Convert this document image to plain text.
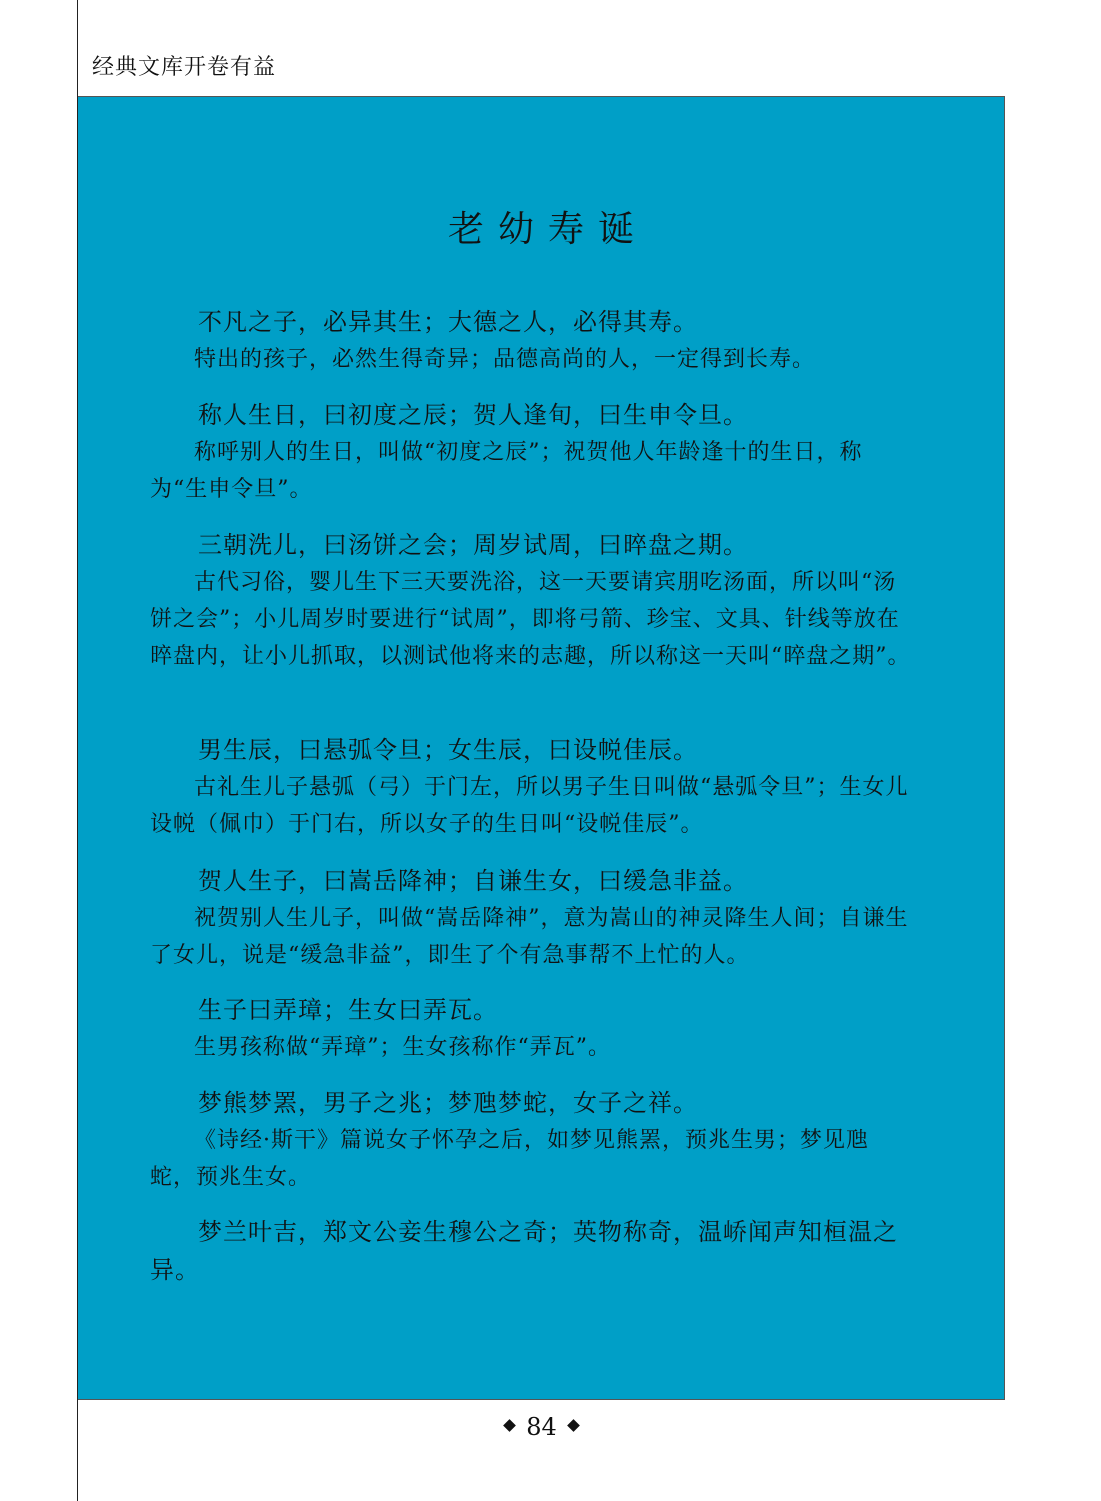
经典文库开卷有益
老幼寿诞

不凡之子，必异其生；大德之人，必得其寿。

特出的孩子，必然生得奇异；品德高尚的人，一定得到长寿。

称人生日，曰初度之辰；贺人逢旬，曰生申令旦。

称呼别人的生日，叫做“初度之辰”；祝贺他人年龄逢十的生日，称为“生申令旦”。

三朝洗儿，曰汤饼之会；周岁试周，曰晬盘之期。

古代习俗，婴儿生下三天要洗浴，这一天要请宾朋吃汤面，所以叫“汤饼之会”；小儿周岁时要进行“试周”，即将弓箭、珍宝、文具、针线等放在晬盘内，让小儿抓取，以测试他将来的志趣，所以称这一天叫“晬盘之期”。

男生辰，曰悬弧令旦；女生辰，曰设帨佳辰。

古礼生儿子悬弧（弓）于门左，所以男子生日叫做“悬弧令旦”；生女儿设帨（佩巾）于门右，所以女子的生日叫“设帨佳辰”。

贺人生子，曰嵩岳降神；自谦生女，曰缓急非益。

祝贺别人生儿子，叫做“嵩岳降神”，意为嵩山的神灵降生人间；自谦生了女儿，说是“缓急非益”，即生了个有急事帮不上忙的人。

生子曰弄璋；生女曰弄瓦。

生男孩称做“弄璋”；生女孩称作“弄瓦”。

梦熊梦罴，男子之兆；梦虺梦蛇，女子之祥。

《诗经·斯干》篇说女子怀孕之后，如梦见熊罴，预兆生男；梦见虺蛇，预兆生女。

梦兰叶吉，郑文公妾生穆公之奇；英物称奇，温峤闻声知桓温之异。

84
